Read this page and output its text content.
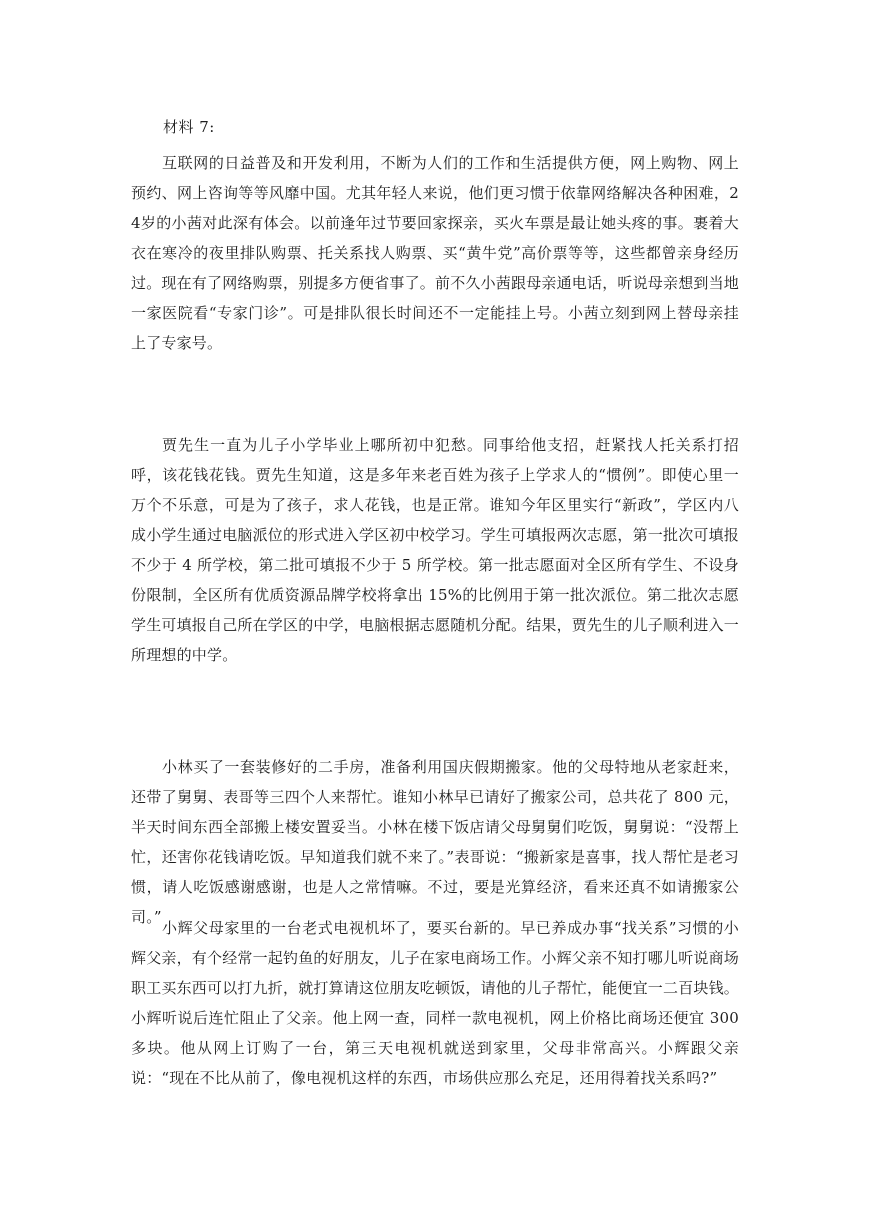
材料 7:

互联网的日益普及和开发利用，不断为人们的工作和生活提供方便，网上购物、网上预约、网上咨询等等风靡中国。尤其年轻人来说，他们更习惯于依靠网络解决各种困难，24岁的小茜对此深有体会。以前逢年过节要回家探亲，买火车票是最让她头疼的事。裹着大衣在寒冷的夜里排队购票、托关系找人购票、买“黄牛党”高价票等等，这些都曾亲身经历过。现在有了网络购票，别提多方便省事了。前不久小茜跟母亲通电话，听说母亲想到当地一家医院看“专家门诊”。可是排队很长时间还不一定能挂上号。小茜立刻到网上替母亲挂上了专家号。

贾先生一直为儿子小学毕业上哪所初中犯愁。同事给他支招，赶紧找人托关系打招呼，该花钱花钱。贾先生知道，这是多年来老百姓为孩子上学求人的“惯例”。即使心里一万个不乐意，可是为了孩子，求人花钱，也是正常。谁知今年区里实行“新政”，学区内八成小学生通过电脑派位的形式进入学区初中校学习。学生可填报两次志愿，第一批次可填报不少于 4 所学校，第二批可填报不少于 5 所学校。第一批志愿面对全区所有学生、不设身份限制，全区所有优质资源品牌学校将拿出 15%的比例用于第一批次派位。第二批次志愿学生可填报自己所在学区的中学，电脑根据志愿随机分配。结果，贾先生的儿子顺利进入一所理想的中学。

小林买了一套装修好的二手房，准备利用国庆假期搬家。他的父母特地从老家赶来，还带了舅舅、表哥等三四个人来帮忙。谁知小林早已请好了搬家公司，总共花了 800 元，半天时间东西全部搬上楼安置妥当。小林在楼下饭店请父母舅舅们吃饭，舅舅说：“没帮上忙，还害你花钱请吃饭。早知道我们就不来了。”表哥说：“搬新家是喜事，找人帮忙是老习惯，请人吃饭感谢感谢，也是人之常情嘛。不过，要是光算经济，看来还真不如请搬家公司。”

小辉父母家里的一台老式电视机坏了，要买台新的。早已养成办事“找关系”习惯的小辉父亲，有个经常一起钓鱼的好朋友，儿子在家电商场工作。小辉父亲不知打哪儿听说商场职工买东西可以打九折，就打算请这位朋友吃顿饭，请他的儿子帮忙，能便宜一二百块钱。小辉听说后连忙阻止了父亲。他上网一查，同样一款电视机，网上价格比商场还便宜 300 多块。他从网上订购了一台，第三天电视机就送到家里，父母非常高兴。小辉跟父亲说：“现在不比从前了，像电视机这样的东西，市场供应那么充足，还用得着找关系吗?”
